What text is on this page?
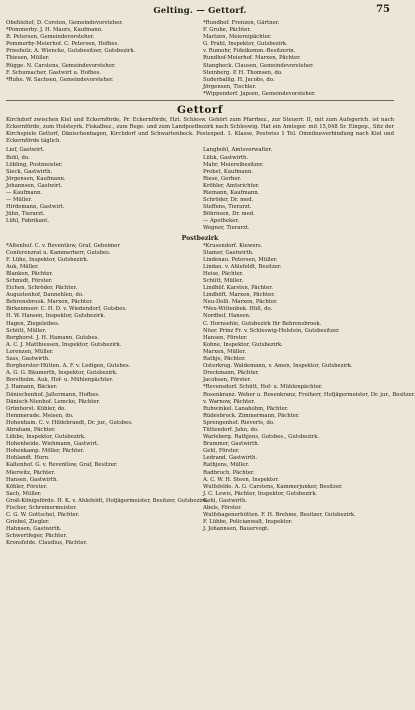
Gelting. — Gettorf.	75
Obehlehof, D. Corsten, Gemeindevorsteher.
*Pommerby. J. H. Maurs, Kaufmann.
R. Petersen, Gemeindevorsteher.
Pommerby-Meierhof. C. Petersen, Hofbes.
Priesholz. A. Wiencke, Gutsbesitzer, Gutsbezirk.
Thiesen, Müller.
Rügge. N. Carstens, Gemeindevorsteher.
F. Schumacher, Gastwirt u. Hofbes.
*Ruhe. W. Sachsen, Gemeindevorsteher.
*Rundhof. Frenzen, Gärtner.
F. Gruhe, Pächter.
Martzen, Meiereipächter.
G. Prahl, Inspektor, Gutsbezirk.
v. Rumohr, Fideikomm.-Besitzerin.
Rundhof-Meierhof. Marxen, Pächter.
Stangheck. Clausen, Gemeindevorsteher.
Steinberg. P. H. Thomsen, do.
Suderballig. H. Jacobs, do.
Jörgensen, Tischler.
*Wippendorf. Japsen, Gemeindevorsteher.
Gettorf
Kirchdorf zwischen Kiel und Eckernförde, Pr. Eckernförde, Hzt. Schlesw. Gehört zum Pfarrbez., zur Steuerr. II, mit zum Aufsgerich. ist nach Eckernförde, zum Holsteyrk. Fiskalbez., zum Rege. und zum Landpostbezirk nach Schleswig. Hat ein Amtsger. mit 15,048 Sr. Eingep., Sitz der Kirchspiele Gettorf, Dänischenhagen, Kirchdorf und Schwartenbeck. Postexped. 1. Klasse, Postwiss 1 Tel. Omnibusverbindung nach Kiel und Eckernförde täglich.
Lief, Gastwirt.
Bohl, do.
Löbling, Postmeister.
Sieck, Gastwirth.
Jörgensen, Kaufmann.
Johannsen, Gastwirt.
— Kaufmann.
— Müller.
Hirdemann, Gastwirt.
Jühn, Tierarzt.
Lühl, Fabrikant.
Langbohl, Amtsverwalter.
Lühk, Gastwirth.
Mahr, Meiereibesitzer.
Probst, Kaufmann.
Riese, Gerber.
Kröhler, Amtsrichter.
Riemann, Kaufmann.
Schröder, Dr. med.
Steffens, Tierarzt.
Böhrnsen, Dr. med.
— Apotheker.
Wegner, Tierarzt.
Postbezirk
*Altenhof. C. v. Reventlow, Graf, Geheimer
Conferenzrat u. Kammerherr, Gutsbes.
F. Lühe, Inspektor, Gutsbezirk.
Auk, Müller.
Blanken, Pächter.
Schmidt, Förster.
Eichen, Schröder, Pächter.
Augustenhof, Dannehlen, do.
Behrensbrook. Marxen, Pächter.
Birkenmoor. C. H. D. v. Wiedendorf, Gutsbes.
H. W. Hansen, Inspektor, Gutsbezirk.
Hagen, Ziegeleibes.
Schütt, Müller.
Borghorst. J. H. Hamann, Gutsbes.
A. C. J. Matthiessen, Inspektor, Gutsbezirk.
Lorenzen, Müller.
Sass, Gastwirth.
Borghorster-Hütten. A. F. v. Ledigen, Gutsbes.
A. G. G. Bäumerth, Inspektor, Gutsbezirk.
Borstholm. Auk, Hof- u. Mühlenpächter.
J. Hamann, Bäcker.
Dänischenhof. Jaltermann, Hofbes.
Dänisch-Nienhof. Lemcke, Pächter.
Grünhorst. Kühler, do.
Hemmerade. Meisen, do.
Hohenhain. C. v. Hildebrandt, Dr. jur., Gutsbes.
Abraham, Pächter.
Lübbe, Inspektor, Gutsbezirk.
Hohenheide. Wiehmann, Gastwirt.
Hohenkamp. Möller, Pächter.
Hohlandt. Horn.
Kaltenhof. G. v. Reventlow, Graf, Besitzer.
Mierwitz, Pächter.
Hansen, Gastwirth.
Köhler, Förster.
Sach, Müller.
Groß-Königsförde. H. K. v. Ahlefeldt, Hofjägermeister, Besitzer, Gutsbezirk.
Fischer, Schreinermeister.
C. G. W. Gottschel, Pächter.
Griebel, Ziegler.
Hahnsen, Gastwirth.
Schwertfeger, Pächter.
Kronsfelde. Claudius, Pächter.
*Krusendorf. Kiewers.
Stamer, Gastwirth.
Lindenau. Petersen, Müller.
Lindau. v. Ahlefeldt, Besitzer.
Heise, Pächter.
Schütt, Müller.
Lindhöf. Karsten, Pächter.
Lindhöft. Marxen, Pächter.
Neu-Dolli. Marxen, Pächter.
*Neu-Wittenbek. Hüll, do.
Nordhof, Hansen.
C. Hornsehle, Gutsbezirk für Behrensbrook.
Nöer. Prinz Fr. v. Schleswig-Holstein, Gutsbesitzer.
Hansen, Förster.
Kohne, Inspektor, Gutsbezirk.
Marxen, Müller.
Rathje, Pächter.
Osterkrug. Waldemann, v. Amen, Inspektor, Gutsbezirk.
Dreckmann, Pächter.
Jacobsen, Förster.
*Revensdorf. Schütt, Hof- u. Mühlenpächter.
Rosenkranz. Weber u. Rosenkranz, Freiherr, Hofjägermeister, Dr. jur., Besitzer.
v. Warnow, Pächter.
Ruhwinkel. Lanahohm, Pächter.
Rüdesbrock. Zimmermann, Pächter.
Sprengenhof. Rieverts, do.
Tüttendorf. Jahn, do.
Warleberg. Rathjens, Gutsbes., Gutsbezirk.
Brammer, Gastwirth.
Gehl, Förster.
Ledrand, Gastwirth.
Rathjens, Müller.
Radbruch, Pächter.
A. C. W. H. Steen, Inspektor.
Wulfsfelde. A. G. Carstens, Kammerjunker, Besitzer.
J. C. Lewis, Pächter, Inspektor, Gutsbezirk.
Gehl, Gastwirth.
Abels, Förster.
Wulfshagenerhütten. F. H. Brehme, Besitzer, Gutsbezirk.
F. Lübbe, Policianwalt, Inspektor.
J. Johannsen, Bauervogt.
